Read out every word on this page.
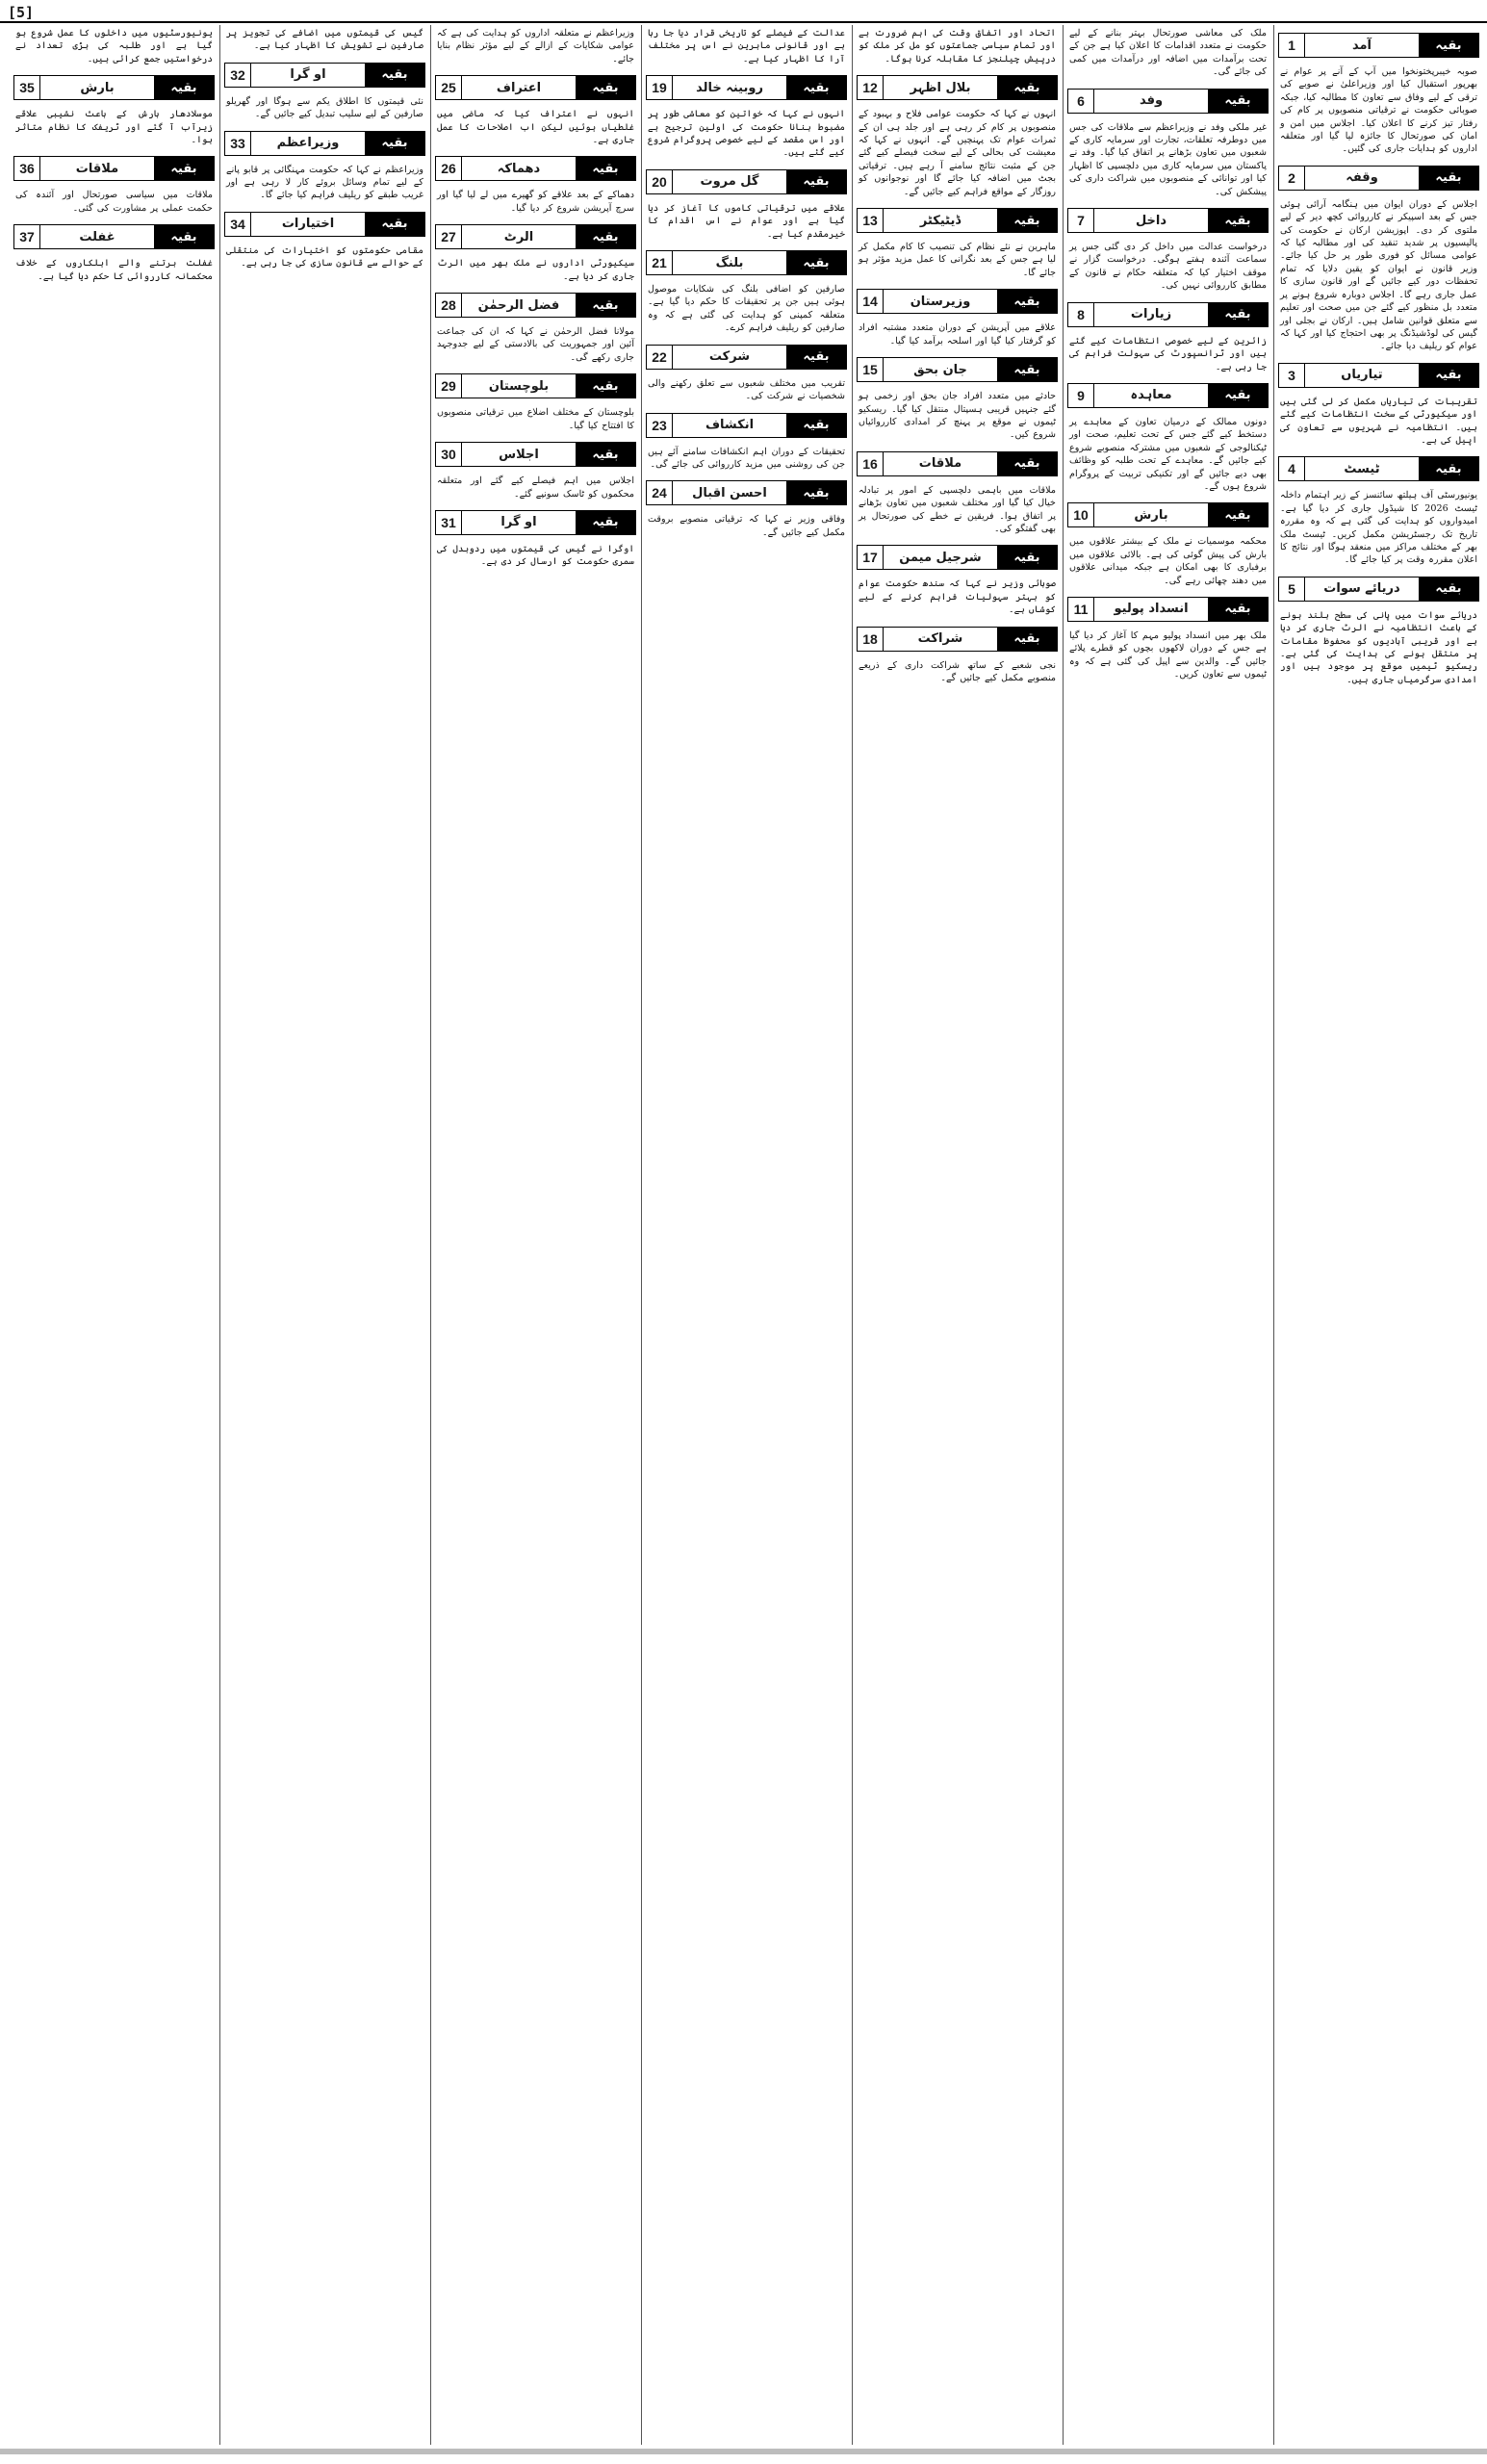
[5]
1	آمد	بقیہ

صوبہ خیبرپختونخوا میں آپ کے آنے پر عوام نے بھرپور استقبال کیا اور وزیراعلیٰ نے صوبے کی ترقی کے لیے وفاق سے تعاون کا مطالبہ کیا، جبکہ صوبائی حکومت نے ترقیاتی منصوبوں پر کام کی رفتار تیز کرنے کا اعلان کیا۔ اجلاس میں امن و امان کی صورتحال کا جائزہ لیا گیا اور متعلقہ اداروں کو ہدایات جاری کی گئیں۔

2	وقفہ	بقیہ

اجلاس کے دوران ایوان میں ہنگامہ آرائی ہوئی جس کے بعد اسپیکر نے کارروائی کچھ دیر کے لیے ملتوی کر دی۔ اپوزیشن ارکان نے حکومت کی پالیسیوں پر شدید تنقید کی اور مطالبہ کیا کہ عوامی مسائل کو فوری طور پر حل کیا جائے۔ وزیر قانون نے ایوان کو یقین دلایا کہ تمام تحفظات دور کیے جائیں گے اور قانون سازی کا عمل جاری رہے گا۔ اجلاس دوبارہ شروع ہونے پر متعدد بل منظور کیے گئے جن میں صحت اور تعلیم سے متعلق قوانین شامل ہیں۔ ارکان نے بجلی اور گیس کی لوڈشیڈنگ پر بھی احتجاج کیا اور کہا کہ عوام کو ریلیف دیا جائے۔

3	تیاریاں	بقیہ

تقریبات کی تیاریاں مکمل کر لی گئی ہیں اور سیکیورٹی کے سخت انتظامات کیے گئے ہیں۔ انتظامیہ نے شہریوں سے تعاون کی اپیل کی ہے۔

4	ٹیسٹ	بقیہ

یونیورسٹی آف ہیلتھ سائنسز کے زیر اہتمام داخلہ ٹیسٹ 2026 کا شیڈول جاری کر دیا گیا ہے۔ امیدواروں کو ہدایت کی گئی ہے کہ وہ مقررہ تاریخ تک رجسٹریشن مکمل کریں۔ ٹیسٹ ملک بھر کے مختلف مراکز میں منعقد ہوگا اور نتائج کا اعلان مقررہ وقت پر کیا جائے گا۔

5	دریائے سوات	بقیہ

دریائے سوات میں پانی کی سطح بلند ہونے کے باعث انتظامیہ نے الرٹ جاری کر دیا ہے اور قریبی آبادیوں کو محفوظ مقامات پر منتقل ہونے کی ہدایت کی گئی ہے۔ ریسکیو ٹیمیں موقع پر موجود ہیں اور امدادی سرگرمیاں جاری ہیں۔

ملک کی معاشی صورتحال بہتر بنانے کے لیے حکومت نے متعدد اقدامات کا اعلان کیا ہے جن کے تحت برآمدات میں اضافہ اور درآمدات میں کمی کی جائے گی۔

6	وفد	بقیہ

غیر ملکی وفد نے وزیراعظم سے ملاقات کی جس میں دوطرفہ تعلقات، تجارت اور سرمایہ کاری کے شعبوں میں تعاون بڑھانے پر اتفاق کیا گیا۔ وفد نے پاکستان میں سرمایہ کاری میں دلچسپی کا اظہار کیا اور توانائی کے منصوبوں میں شراکت داری کی پیشکش کی۔

7	داخل	بقیہ

درخواست عدالت میں داخل کر دی گئی جس پر سماعت آئندہ ہفتے ہوگی۔ درخواست گزار نے موقف اختیار کیا کہ متعلقہ حکام نے قانون کے مطابق کارروائی نہیں کی۔

8	زیارات	بقیہ

زائرین کے لیے خصوصی انتظامات کیے گئے ہیں اور ٹرانسپورٹ کی سہولت فراہم کی جا رہی ہے۔

9	معاہدہ	بقیہ

دونوں ممالک کے درمیان تعاون کے معاہدے پر دستخط کیے گئے جس کے تحت تعلیم، صحت اور ٹیکنالوجی کے شعبوں میں مشترکہ منصوبے شروع کیے جائیں گے۔ معاہدے کے تحت طلبہ کو وظائف بھی دیے جائیں گے اور تکنیکی تربیت کے پروگرام شروع ہوں گے۔

10	بارش	بقیہ

محکمہ موسمیات نے ملک کے بیشتر علاقوں میں بارش کی پیش گوئی کی ہے۔ بالائی علاقوں میں برفباری کا بھی امکان ہے جبکہ میدانی علاقوں میں دھند چھائی رہے گی۔

11	انسداد پولیو	بقیہ

ملک بھر میں انسداد پولیو مہم کا آغاز کر دیا گیا ہے جس کے دوران لاکھوں بچوں کو قطرے پلائے جائیں گے۔ والدین سے اپیل کی گئی ہے کہ وہ ٹیموں سے تعاون کریں۔

اتحاد اور اتفاق وقت کی اہم ضرورت ہے اور تمام سیاسی جماعتوں کو مل کر ملک کو درپیش چیلنجز کا مقابلہ کرنا ہوگا۔

12	بلال اظہر	بقیہ

انہوں نے کہا کہ حکومت عوامی فلاح و بہبود کے منصوبوں پر کام کر رہی ہے اور جلد ہی ان کے ثمرات عوام تک پہنچیں گے۔ انہوں نے کہا کہ معیشت کی بحالی کے لیے سخت فیصلے کیے گئے جن کے مثبت نتائج سامنے آ رہے ہیں۔ ترقیاتی بجٹ میں اضافہ کیا جائے گا اور نوجوانوں کو روزگار کے مواقع فراہم کیے جائیں گے۔

13	ڈیٹیکٹر	بقیہ

ماہرین نے نئے نظام کی تنصیب کا کام مکمل کر لیا ہے جس کے بعد نگرانی کا عمل مزید مؤثر ہو جائے گا۔

14	وزیرستان	بقیہ

علاقے میں آپریشن کے دوران متعدد مشتبہ افراد کو گرفتار کیا گیا اور اسلحہ برآمد کیا گیا۔

15	جان بحق	بقیہ

حادثے میں متعدد افراد جان بحق اور زخمی ہو گئے جنہیں قریبی ہسپتال منتقل کیا گیا۔ ریسکیو ٹیموں نے موقع پر پہنچ کر امدادی کارروائیاں شروع کیں۔

16	ملاقات	بقیہ

ملاقات میں باہمی دلچسپی کے امور پر تبادلہ خیال کیا گیا اور مختلف شعبوں میں تعاون بڑھانے پر اتفاق ہوا۔ فریقین نے خطے کی صورتحال پر بھی گفتگو کی۔

17	شرجیل میمن	بقیہ

صوبائی وزیر نے کہا کہ سندھ حکومت عوام کو بہتر سہولیات فراہم کرنے کے لیے کوشاں ہے۔

18	شراکت	بقیہ

نجی شعبے کے ساتھ شراکت داری کے ذریعے منصوبے مکمل کیے جائیں گے۔

عدالت کے فیصلے کو تاریخی قرار دیا جا رہا ہے اور قانونی ماہرین نے اس پر مختلف آرا کا اظہار کیا ہے۔

19	روبینہ خالد	بقیہ

انہوں نے کہا کہ خواتین کو معاشی طور پر مضبوط بنانا حکومت کی اولین ترجیح ہے اور اس مقصد کے لیے خصوصی پروگرام شروع کیے گئے ہیں۔

20	گل مروت	بقیہ

علاقے میں ترقیاتی کاموں کا آغاز کر دیا گیا ہے اور عوام نے اس اقدام کا خیرمقدم کیا ہے۔

21	بلنگ	بقیہ

صارفین کو اضافی بلنگ کی شکایات موصول ہوئی ہیں جن پر تحقیقات کا حکم دیا گیا ہے۔ متعلقہ کمپنی کو ہدایت کی گئی ہے کہ وہ صارفین کو ریلیف فراہم کرے۔

22	شرکت	بقیہ

تقریب میں مختلف شعبوں سے تعلق رکھنے والی شخصیات نے شرکت کی۔

23	انکشاف	بقیہ

تحقیقات کے دوران اہم انکشافات سامنے آئے ہیں جن کی روشنی میں مزید کارروائی کی جائے گی۔

24	احسن اقبال	بقیہ

وفاقی وزیر نے کہا کہ ترقیاتی منصوبے بروقت مکمل کیے جائیں گے۔

وزیراعظم نے متعلقہ اداروں کو ہدایت کی ہے کہ عوامی شکایات کے ازالے کے لیے مؤثر نظام بنایا جائے۔

25	اعتراف	بقیہ

انہوں نے اعتراف کیا کہ ماضی میں غلطیاں ہوئیں لیکن اب اصلاحات کا عمل جاری ہے۔

26	دھماکہ	بقیہ

دھماکے کے بعد علاقے کو گھیرے میں لے لیا گیا اور سرچ آپریشن شروع کر دیا گیا۔

27	الرٹ	بقیہ

سیکیورٹی اداروں نے ملک بھر میں الرٹ جاری کر دیا ہے۔

28	فضل الرحمٰن	بقیہ

مولانا فضل الرحمٰن نے کہا کہ ان کی جماعت آئین اور جمہوریت کی بالادستی کے لیے جدوجہد جاری رکھے گی۔

29	بلوچستان	بقیہ

بلوچستان کے مختلف اضلاع میں ترقیاتی منصوبوں کا افتتاح کیا گیا۔

30	اجلاس	بقیہ

اجلاس میں اہم فیصلے کیے گئے اور متعلقہ محکموں کو ٹاسک سونپے گئے۔

31	او گرا	بقیہ

اوگرا نے گیس کی قیمتوں میں ردوبدل کی سمری حکومت کو ارسال کر دی ہے۔

گیس کی قیمتوں میں اضافے کی تجویز پر صارفین نے تشویش کا اظہار کیا ہے۔

32	او گرا	بقیہ

نئی قیمتوں کا اطلاق یکم سے ہوگا اور گھریلو صارفین کے لیے سلیب تبدیل کیے جائیں گے۔

33	وزیراعظم	بقیہ

وزیراعظم نے کہا کہ حکومت مہنگائی پر قابو پانے کے لیے تمام وسائل بروئے کار لا رہی ہے اور غریب طبقے کو ریلیف فراہم کیا جائے گا۔

34	اختیارات	بقیہ

مقامی حکومتوں کو اختیارات کی منتقلی کے حوالے سے قانون سازی کی جا رہی ہے۔

یونیورسٹیوں میں داخلوں کا عمل شروع ہو گیا ہے اور طلبہ کی بڑی تعداد نے درخواستیں جمع کرائی ہیں۔

35	بارش	بقیہ

موسلادھار بارش کے باعث نشیبی علاقے زیرآب آ گئے اور ٹریفک کا نظام متاثر ہوا۔

36	ملاقات	بقیہ

ملاقات میں سیاسی صورتحال اور آئندہ کی حکمت عملی پر مشاورت کی گئی۔

37	غفلت	بقیہ

غفلت برتنے والے اہلکاروں کے خلاف محکمانہ کارروائی کا حکم دیا گیا ہے۔
